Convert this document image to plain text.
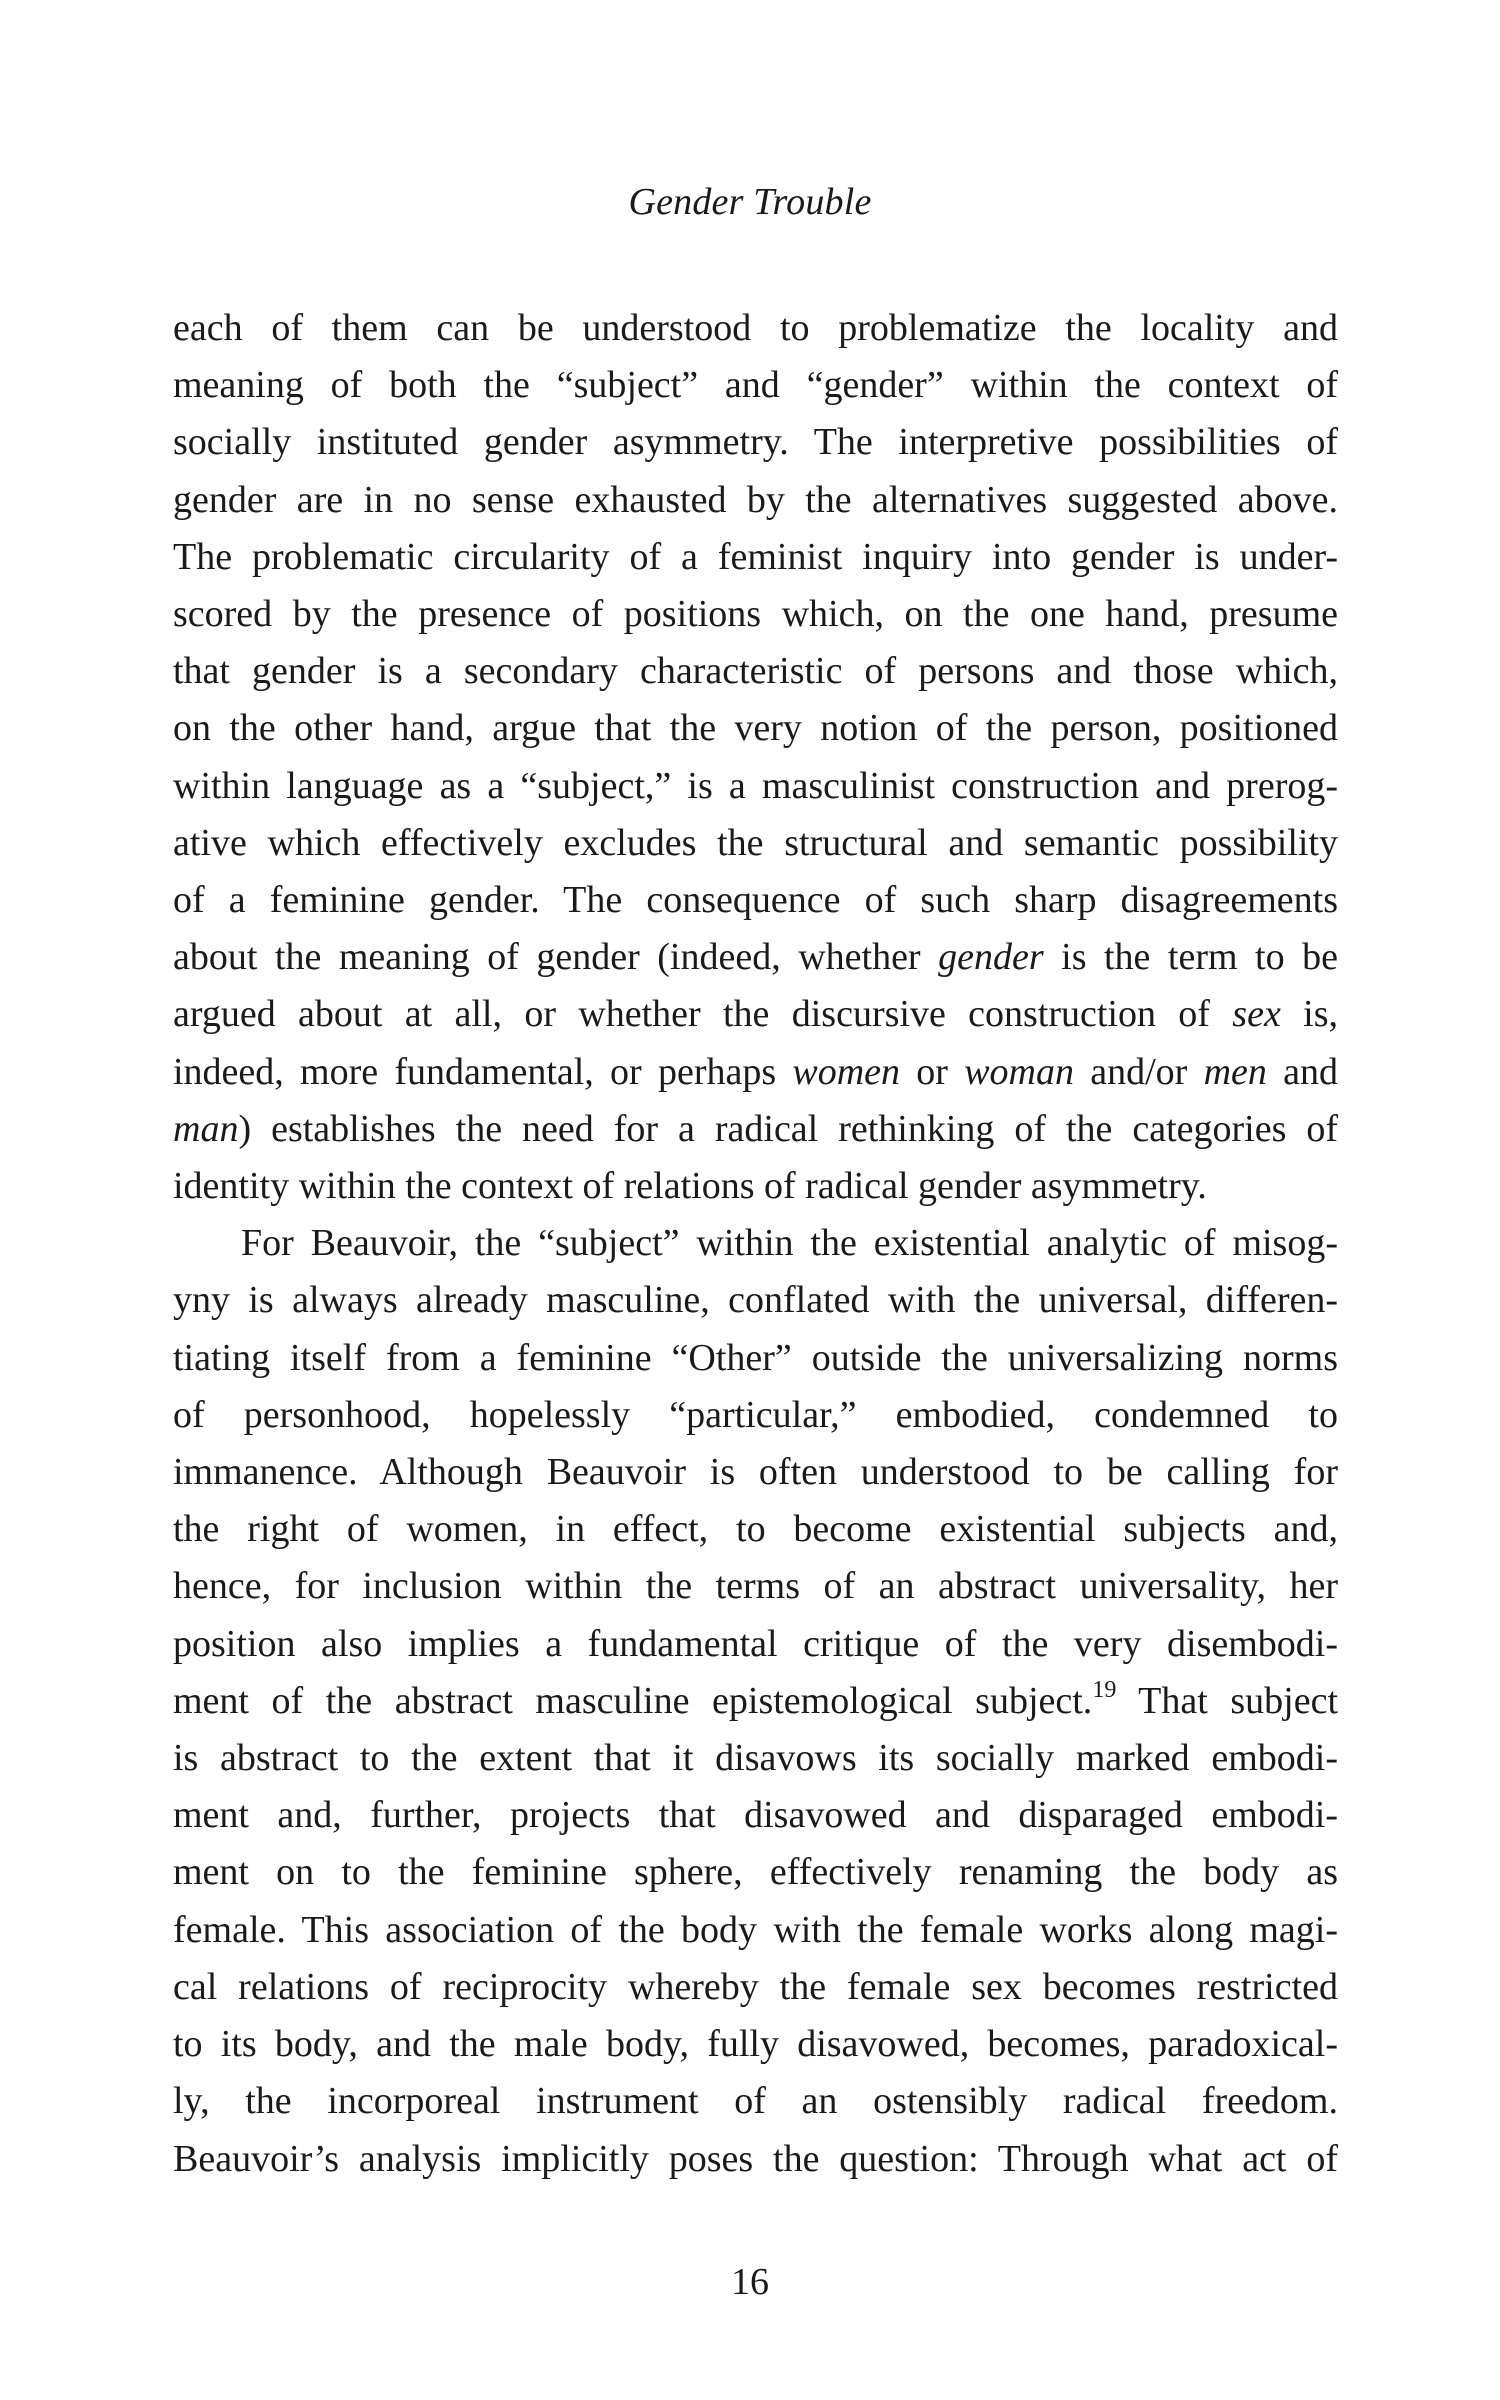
Gender Trouble
each of them can be understood to problematize the locality and
meaning of both the “subject” and “gender” within the context of
socially instituted gender asymmetry. The interpretive possibilities of
gender are in no sense exhausted by the alternatives suggested above.
The problematic circularity of a feminist inquiry into gender is under-
scored by the presence of positions which, on the one hand, presume
that gender is a secondary characteristic of persons and those which,
on the other hand, argue that the very notion of the person, positioned
within language as a “subject,” is a masculinist construction and prerog-
ative which effectively excludes the structural and semantic possibility
of a feminine gender. The consequence of such sharp disagreements
about the meaning of gender (indeed, whether gender is the term to be
argued about at all, or whether the discursive construction of sex is,
indeed, more fundamental, or perhaps women or woman and/or men and
man) establishes the need for a radical rethinking of the categories of
identity within the context of relations of radical gender asymmetry.
For Beauvoir, the “subject” within the existential analytic of misog-
yny is always already masculine, conflated with the universal, differen-
tiating itself from a feminine “Other” outside the universalizing norms
of personhood, hopelessly “particular,” embodied, condemned to
immanence. Although Beauvoir is often understood to be calling for
the right of women, in effect, to become existential subjects and,
hence, for inclusion within the terms of an abstract universality, her
position also implies a fundamental critique of the very disembodi-
ment of the abstract masculine epistemological subject.$^{19}$ That subject
is abstract to the extent that it disavows its socially marked embodi-
ment and, further, projects that disavowed and disparaged embodi-
ment on to the feminine sphere, effectively renaming the body as
female. This association of the body with the female works along magi-
cal relations of reciprocity whereby the female sex becomes restricted
to its body, and the male body, fully disavowed, becomes, paradoxical-
ly, the incorporeal instrument of an ostensibly radical freedom.
Beauvoir’s analysis implicitly poses the question: Through what act of
16
